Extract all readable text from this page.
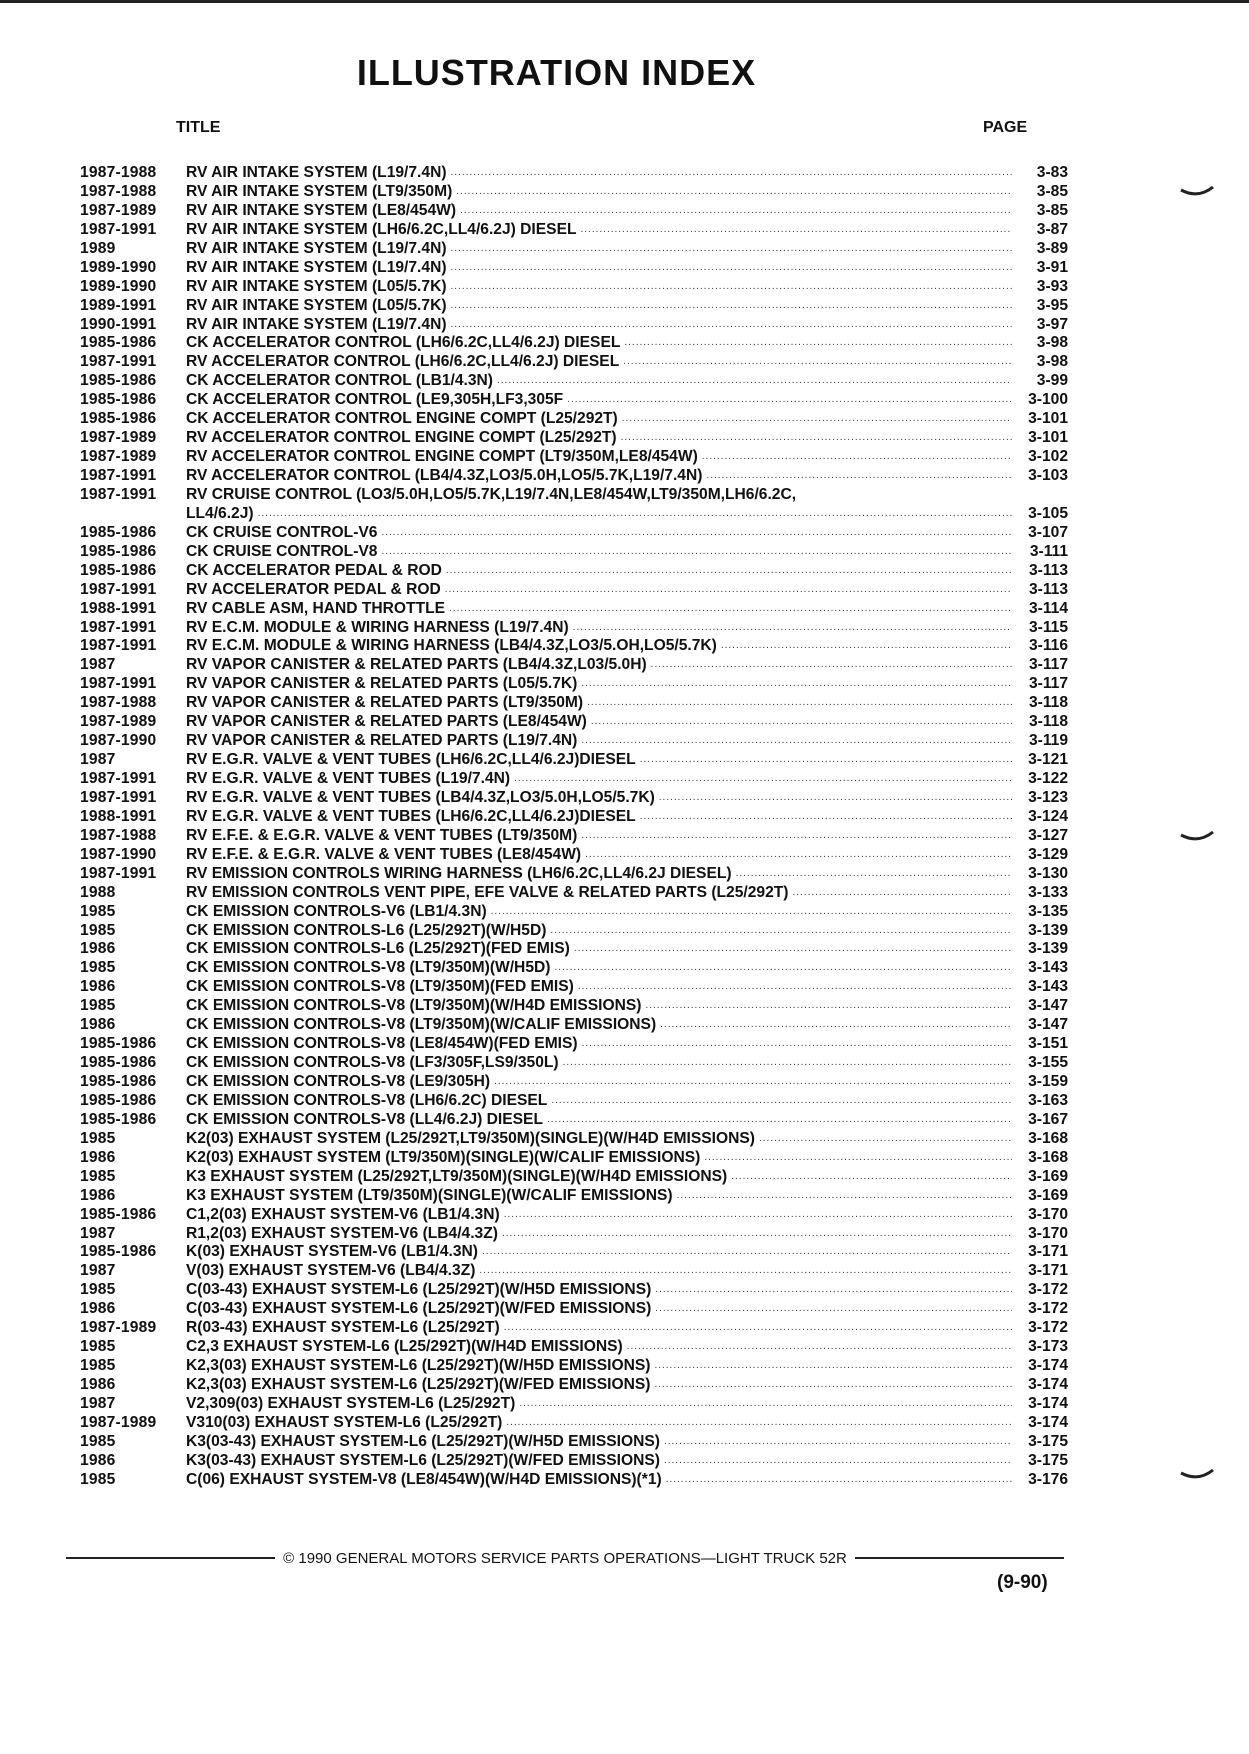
ILLUSTRATION INDEX
TITLE	PAGE
1987-1988	RV AIR INTAKE SYSTEM (L19/7.4N) .....	3-83
1987-1988	RV AIR INTAKE SYSTEM (LT9/350M) .....	3-85
1987-1989	RV AIR INTAKE SYSTEM (LE8/454W) .....	3-85
1987-1991	RV AIR INTAKE SYSTEM (LH6/6.2C,LL4/6.2J) DIESEL .....	3-87
1989	RV AIR INTAKE SYSTEM (L19/7.4N) .....	3-89
1989-1990	RV AIR INTAKE SYSTEM (L19/7.4N) .....	3-91
1989-1990	RV AIR INTAKE SYSTEM (L05/5.7K) .....	3-93
1989-1991	RV AIR INTAKE SYSTEM (L05/5.7K) .....	3-95
1990-1991	RV AIR INTAKE SYSTEM (L19/7.4N) .....	3-97
1985-1986	CK ACCELERATOR CONTROL (LH6/6.2C,LL4/6.2J) DIESEL .....	3-98
1987-1991	RV ACCELERATOR CONTROL (LH6/6.2C,LL4/6.2J) DIESEL .....	3-98
1985-1986	CK ACCELERATOR CONTROL (LB1/4.3N) .....	3-99
1985-1986	CK ACCELERATOR CONTROL (LE9,305H,LF3,305F .....	3-100
1985-1986	CK ACCELERATOR CONTROL ENGINE COMPT (L25/292T) .....	3-101
1987-1989	RV ACCELERATOR CONTROL ENGINE COMPT (L25/292T) .....	3-101
1987-1989	RV ACCELERATOR CONTROL ENGINE COMPT (LT9/350M,LE8/454W) .....	3-102
1987-1991	RV ACCELERATOR CONTROL (LB4/4.3Z,LO3/5.0H,LO5/5.7K,L19/7.4N) .....	3-103
1987-1991	RV CRUISE CONTROL (LO3/5.0H,LO5/5.7K,L19/7.4N,LE8/454W,LT9/350M,LH6/6.2C,
LL4/6.2J) .....	3-105
1985-1986	CK CRUISE CONTROL-V6 .....	3-107
1985-1986	CK CRUISE CONTROL-V8 .....	3-111
1985-1986	CK ACCELERATOR PEDAL & ROD .....	3-113
1987-1991	RV ACCELERATOR PEDAL & ROD .....	3-113
1988-1991	RV CABLE ASM, HAND THROTTLE .....	3-114
1987-1991	RV E.C.M. MODULE & WIRING HARNESS (L19/7.4N) .....	3-115
1987-1991	RV E.C.M. MODULE & WIRING HARNESS (LB4/4.3Z,LO3/5.OH,LO5/5.7K) .....	3-116
1987	RV VAPOR CANISTER & RELATED PARTS (LB4/4.3Z,L03/5.0H) .....	3-117
1987-1991	RV VAPOR CANISTER & RELATED PARTS (L05/5.7K) .....	3-117
1987-1988	RV VAPOR CANISTER & RELATED PARTS (LT9/350M) .....	3-118
1987-1989	RV VAPOR CANISTER & RELATED PARTS (LE8/454W) .....	3-118
1987-1990	RV VAPOR CANISTER & RELATED PARTS (L19/7.4N) .....	3-119
1987	RV E.G.R. VALVE & VENT TUBES (LH6/6.2C,LL4/6.2J)DIESEL .....	3-121
1987-1991	RV E.G.R. VALVE & VENT TUBES (L19/7.4N) .....	3-122
1987-1991	RV E.G.R. VALVE & VENT TUBES (LB4/4.3Z,LO3/5.0H,LO5/5.7K) .....	3-123
1988-1991	RV E.G.R. VALVE & VENT TUBES (LH6/6.2C,LL4/6.2J)DIESEL .....	3-124
1987-1988	RV E.F.E. & E.G.R. VALVE & VENT TUBES (LT9/350M) .....	3-127
1987-1990	RV E.F.E. & E.G.R. VALVE & VENT TUBES (LE8/454W) .....	3-129
1987-1991	RV EMISSION CONTROLS WIRING HARNESS (LH6/6.2C,LL4/6.2J DIESEL) .....	3-130
1988	RV EMISSION CONTROLS VENT PIPE, EFE VALVE & RELATED PARTS (L25/292T) .....	3-133
1985	CK EMISSION CONTROLS-V6 (LB1/4.3N) .....	3-135
1985	CK EMISSION CONTROLS-L6 (L25/292T)(W/H5D) .....	3-139
1986	CK EMISSION CONTROLS-L6 (L25/292T)(FED EMIS) .....	3-139
1985	CK EMISSION CONTROLS-V8 (LT9/350M)(W/H5D) .....	3-143
1986	CK EMISSION CONTROLS-V8 (LT9/350M)(FED EMIS) .....	3-143
1985	CK EMISSION CONTROLS-V8 (LT9/350M)(W/H4D EMISSIONS) .....	3-147
1986	CK EMISSION CONTROLS-V8 (LT9/350M)(W/CALIF EMISSIONS) .....	3-147
1985-1986	CK EMISSION CONTROLS-V8 (LE8/454W)(FED EMIS) .....	3-151
1985-1986	CK EMISSION CONTROLS-V8 (LF3/305F,LS9/350L) .....	3-155
1985-1986	CK EMISSION CONTROLS-V8 (LE9/305H) .....	3-159
1985-1986	CK EMISSION CONTROLS-V8 (LH6/6.2C) DIESEL .....	3-163
1985-1986	CK EMISSION CONTROLS-V8 (LL4/6.2J) DIESEL .....	3-167
1985	K2(03) EXHAUST SYSTEM (L25/292T,LT9/350M)(SINGLE)(W/H4D EMISSIONS) .....	3-168
1986	K2(03) EXHAUST SYSTEM (LT9/350M)(SINGLE)(W/CALIF EMISSIONS) .....	3-168
1985	K3 EXHAUST SYSTEM (L25/292T,LT9/350M)(SINGLE)(W/H4D EMISSIONS) .....	3-169
1986	K3 EXHAUST SYSTEM (LT9/350M)(SINGLE)(W/CALIF EMISSIONS) .....	3-169
1985-1986	C1,2(03) EXHAUST SYSTEM-V6 (LB1/4.3N) .....	3-170
1987	R1,2(03) EXHAUST SYSTEM-V6 (LB4/4.3Z) .....	3-170
1985-1986	K(03) EXHAUST SYSTEM-V6 (LB1/4.3N) .....	3-171
1987	V(03) EXHAUST SYSTEM-V6 (LB4/4.3Z) .....	3-171
1985	C(03-43) EXHAUST SYSTEM-L6 (L25/292T)(W/H5D EMISSIONS) .....	3-172
1986	C(03-43) EXHAUST SYSTEM-L6 (L25/292T)(W/FED EMISSIONS) .....	3-172
1987-1989	R(03-43) EXHAUST SYSTEM-L6 (L25/292T) .....	3-172
1985	C2,3 EXHAUST SYSTEM-L6 (L25/292T)(W/H4D EMISSIONS) .....	3-173
1985	K2,3(03) EXHAUST SYSTEM-L6 (L25/292T)(W/H5D EMISSIONS) .....	3-174
1986	K2,3(03) EXHAUST SYSTEM-L6 (L25/292T)(W/FED EMISSIONS) .....	3-174
1987	V2,309(03) EXHAUST SYSTEM-L6 (L25/292T) .....	3-174
1987-1989	V310(03) EXHAUST SYSTEM-L6 (L25/292T) .....	3-174
1985	K3(03-43) EXHAUST SYSTEM-L6 (L25/292T)(W/H5D EMISSIONS) .....	3-175
1986	K3(03-43) EXHAUST SYSTEM-L6 (L25/292T)(W/FED EMISSIONS) .....	3-175
1985	C(06) EXHAUST SYSTEM-V8 (LE8/454W)(W/H4D EMISSIONS)(*1) .....	3-176
© 1990 GENERAL MOTORS SERVICE PARTS OPERATIONS—LIGHT TRUCK 52R
(9-90)
